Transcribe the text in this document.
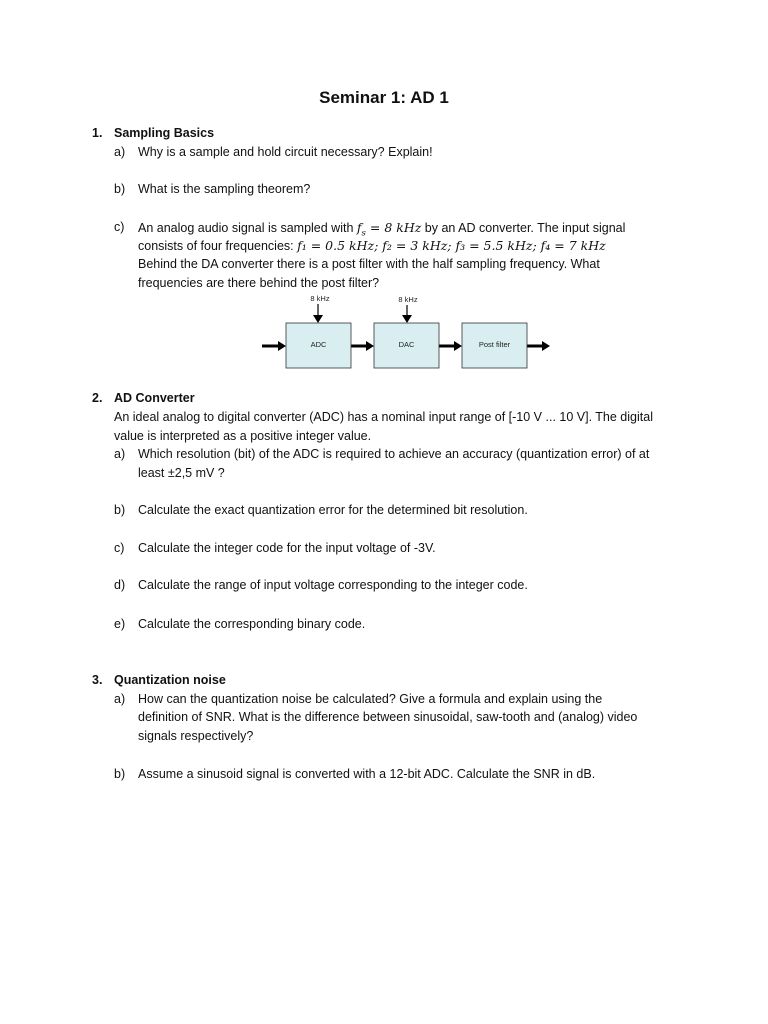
Seminar 1: AD 1
1. Sampling Basics
a) Why is a sample and hold circuit necessary? Explain!
b) What is the sampling theorem?
c) An analog audio signal is sampled with $f_s = 8$ kHz by an AD converter. The input signal
consists of four frequencies: f₁ = 0.5 kHz; f₂ = 3 kHz; f₃ = 5.5 kHz; f₄ = 7 kHz
Behind the DA converter there is a post filter with the half sampling frequency. What
frequencies are there behind the post filter?
8 kHz	8 kHz
ADC	DAC	Post filter
2. AD Converter
An ideal analog to digital converter (ADC) has a nominal input range of [-10 V ... 10 V]. The digital
value is interpreted as a positive integer value.
a) Which resolution (bit) of the ADC is required to achieve an accuracy (quantization error) of at
least ±2,5 mV ?
b) Calculate the exact quantization error for the determined bit resolution.
c) Calculate the integer code for the input voltage of -3V.
d) Calculate the range of input voltage corresponding to the integer code.
e) Calculate the corresponding binary code.
3. Quantization noise
a) How can the quantization noise be calculated? Give a formula and explain using the
definition of SNR. What is the difference between sinusoidal, saw-tooth and (analog) video
signals respectively?
b) Assume a sinusoid signal is converted with a 12-bit ADC. Calculate the SNR in dB.
